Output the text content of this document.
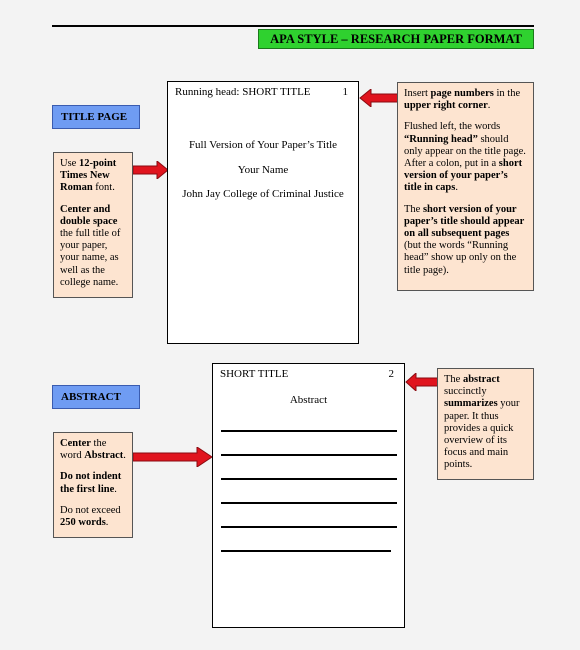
APA STYLE – RESEARCH PAPER FORMAT
TITLE PAGE

Use 12-point Times New Roman font.

Center and double space the full title of your paper, your name, as well as the college name.

Running head: SHORT TITLE	1
Full Version of Your Paper’s Title
Your Name
John Jay College of Criminal Justice

Insert page numbers in the upper right corner.

Flushed left, the words “Running head” should only appear on the title page. After a colon, put in a short version of your paper’s title in caps.

The short version of your paper’s title should appear on all subsequent pages (but the words “Running head” show up only on the title page).

ABSTRACT

Center the word Abstract.

Do not indent the first line.

Do not exceed 250 words.

SHORT TITLE	2
Abstract

The abstract succinctly summarizes your paper. It thus provides a quick overview of its focus and main points.
